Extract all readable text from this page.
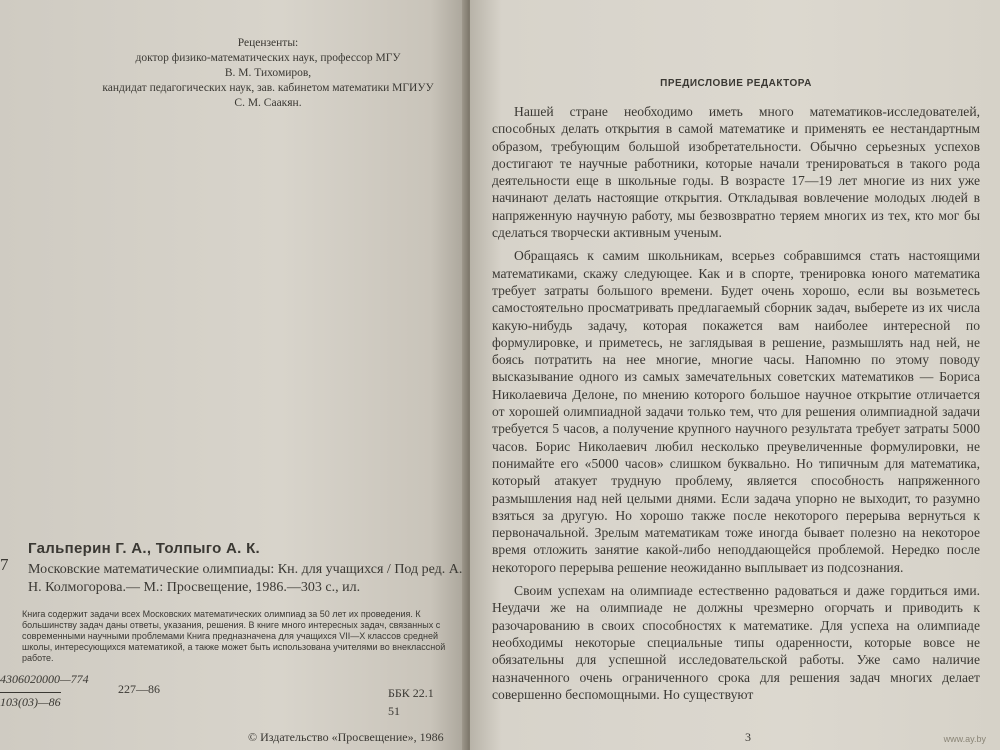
Рецензенты:
доктор физико-математических наук, профессор МГУ
В. М. Тихомиров,
кандидат педагогических наук, зав. кабинетом математики МГИУУ
С. М. Саакян.
7
Гальперин Г. А., Толпыго А. К.
Московские математические олимпиады: Кн. для учащихся / Под ред. А. Н. Колмогорова.— М.: Просвещение, 1986.—303 с., ил.
Книга содержит задачи всех Московских математических олимпиад за 50 лет их проведения. К большинству задач даны ответы, указания, решения. В книге много интересных задач, связанных с современными научными проблемами Книга предназначена для учащихся VII—X классов средней школы, интересующихся математикой, а также может быть использована учителями во внеклассной работе.
4306020000—774
103(03)—86
227—86	ББК 22.1
51
© Издательство «Просвещение», 1986
ПРЕДИСЛОВИЕ РЕДАКТОРА

Нашей стране необходимо иметь много математиков-исследователей, способных делать открытия в самой математике и применять ее нестандартным образом, требующим большой изобретательности. Обычно серьезных успехов достигают те научные работники, которые начали тренироваться в такого рода деятельности еще в школьные годы. В возрасте 17—19 лет многие из них уже начинают делать настоящие открытия. Откладывая вовлечение молодых людей в напряженную научную работу, мы безвозвратно теряем многих из тех, кто мог бы сделаться творчески активным ученым.

Обращаясь к самим школьникам, всерьез собравшимся стать настоящими математиками, скажу следующее. Как и в спорте, тренировка юного математика требует затраты большого времени. Будет очень хорошо, если вы возьметесь самостоятельно просматривать предлагаемый сборник задач, выберете из их числа какую-нибудь задачу, которая покажется вам наиболее интересной по формулировке, и приметесь, не заглядывая в решение, размышлять над ней, не боясь потратить на нее многие, многие часы. Напомню по этому поводу высказывание одного из самых замечательных советских математиков — Бориса Николаевича Делоне, по мнению которого большое научное открытие отличается от хорошей олимпиадной задачи только тем, что для решения олимпиадной задачи требуется 5 часов, а получение крупного научного результата требует затраты 5000 часов. Борис Николаевич любил несколько преувеличенные формулировки, не понимайте его «5000 часов» слишком буквально. Но типичным для математика, который атакует трудную проблему, является способность напряженного размышления над ней целыми днями. Если задача упорно не выходит, то разумно взяться за другую. Но хорошо также после некоторого перерыва вернуться к первоначальной. Зрелым математикам тоже иногда бывает полезно на некоторое время отложить занятие какой-либо неподдающейся проблемой. Нередко после некоторого перерыва решение неожиданно выплывает из подсознания.

Своим успехам на олимпиаде естественно радоваться и даже гордиться ими. Неудачи же на олимпиаде не должны чрезмерно огорчать и приводить к разочарованию в своих способностях к математике. Для успеха на олимпиаде необходимы некоторые специальные типы одаренности, которые вовсе не обязательны для успешной исследовательской работы. Уже само наличие назначенного очень ограниченного срока для решения задач многих делает совершенно беспомощными. Но существуют

3	www.ay.by
